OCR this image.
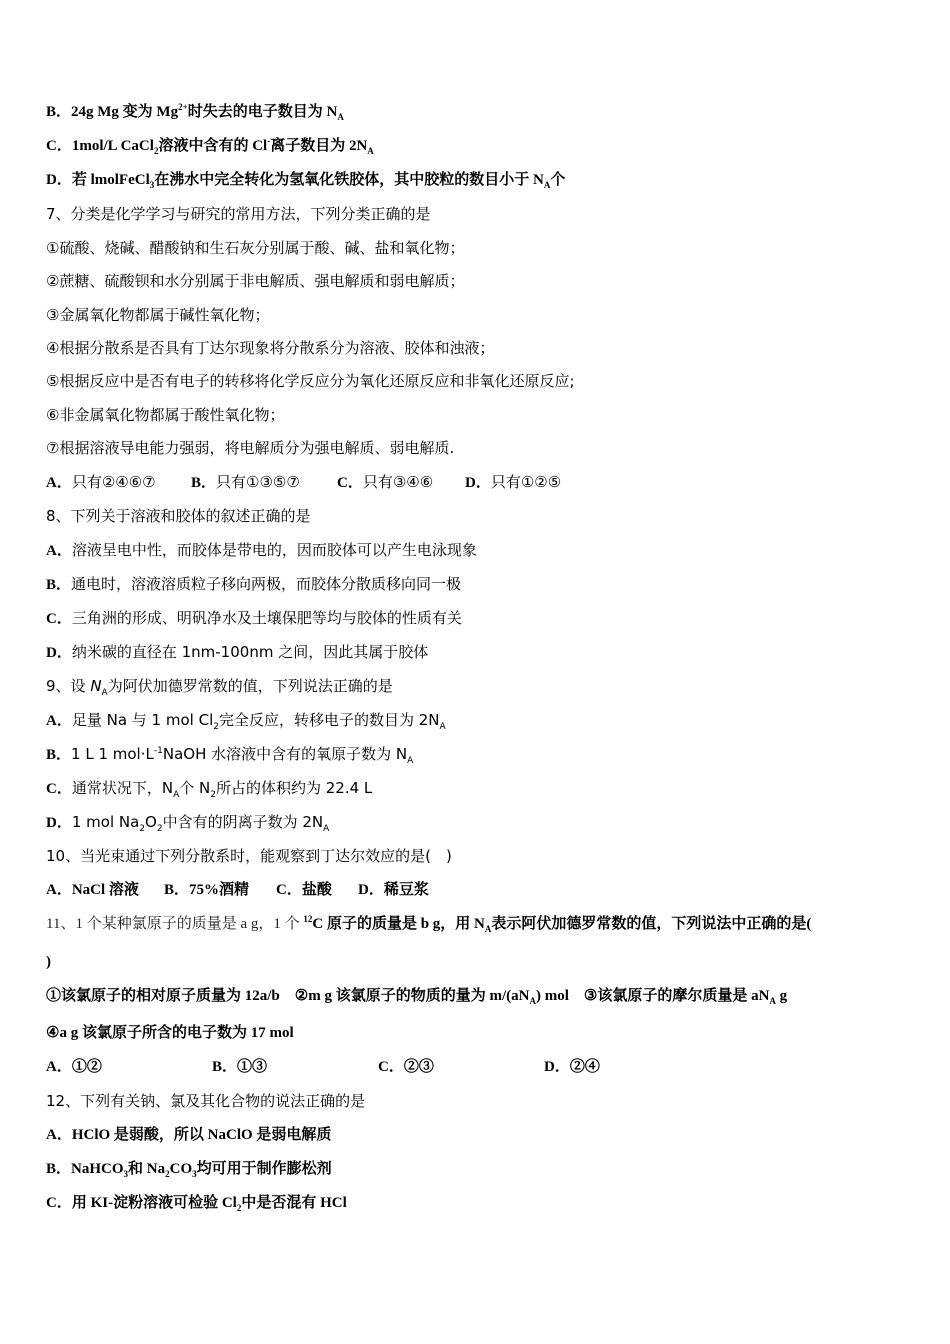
B．24g Mg 变为 $Mg^{2+}$时失去的电子数目为 $N_A$
C．1mol/L CaCl$_2$溶液中含有的 Cl-离子数目为 $2N_A$
D．若 lmolFeCl$_3$在沸水中完全转化为氢氧化铁胶体，其中胶粒的数目小于 $N_A$个
7、分类是化学学习与研究的常用方法，下列分类正确的是
①硫酸、烧碱、醋酸钠和生石灰分别属于酸、碱、盐和氧化物；
②蔗糖、硫酸钡和水分别属于非电解质、强电解质和弱电解质；
③金属氧化物都属于碱性氧化物；
④根据分散系是否具有丁达尔现象将分散系分为溶液、胶体和浊液；
⑤根据反应中是否有电子的转移将化学反应分为氧化还原反应和非氧化还原反应;
⑥非金属氧化物都属于酸性氧化物；
⑦根据溶液导电能力强弱，将电解质分为强电解质、弱电解质.
A．只有②④⑥⑦ B．只有①③⑤⑦ C．只有③④⑥ D．只有①②⑤
8、下列关于溶液和胶体的叙述正确的是
A．溶液呈电中性，而胶体是带电的，因而胶体可以产生电泳现象
B．通电时，溶液溶质粒子移向两极，而胶体分散质移向同一极
C．三角洲的形成、明矾净水及土壤保肥等均与胶体的性质有关
D．纳米碳的直径在 1nm-100nm 之间，因此其属于胶体
9、设 $N_A$为阿伏加德罗常数的值，下列说法正确的是
A．足量 Na 与 1 mol $Cl_2$完全反应，转移电子的数目为 $2N_A$
B．1 L 1 $mol\cdot L^{-1}NaOH$ 水溶液中含有的氧原子数为 $N_A$
C．通常状况下，$N_A$个 $N_2$所占的体积约为 22.4 L
D．1 mol $Na_2O_2$中含有的阴离子数为 $2N_A$
10、当光束通过下列分散系时，能观察到丁达尔效应的是(　)
A．NaCl 溶液 B．75%酒精 C．盐酸 D．稀豆浆
11、1 个某种氯原子的质量是 a g，1 个 $^{12}$C 原子的质量是 b g，用 $N_A$表示阿伏加德罗常数的值，下列说法中正确的是(
)
①该氯原子的相对原子质量为 12a/b ②m g 该氯原子的物质的量为 $m/(aN_A)$ mol ③该氯原子的摩尔质量是 $aN_A$ g
④a g 该氯原子所含的电子数为 17 mol
A．①②	B．①③	C．②③	D．②④
12、下列有关钠、氯及其化合物的说法正确的是
A．HClO 是弱酸，所以 NaClO 是弱电解质
B．NaHCO$_3$和 $Na_2CO_3$均可用于制作膨松剂
C．用 KI-淀粉溶液可检验 $Cl_2$中是否混有 HCl
